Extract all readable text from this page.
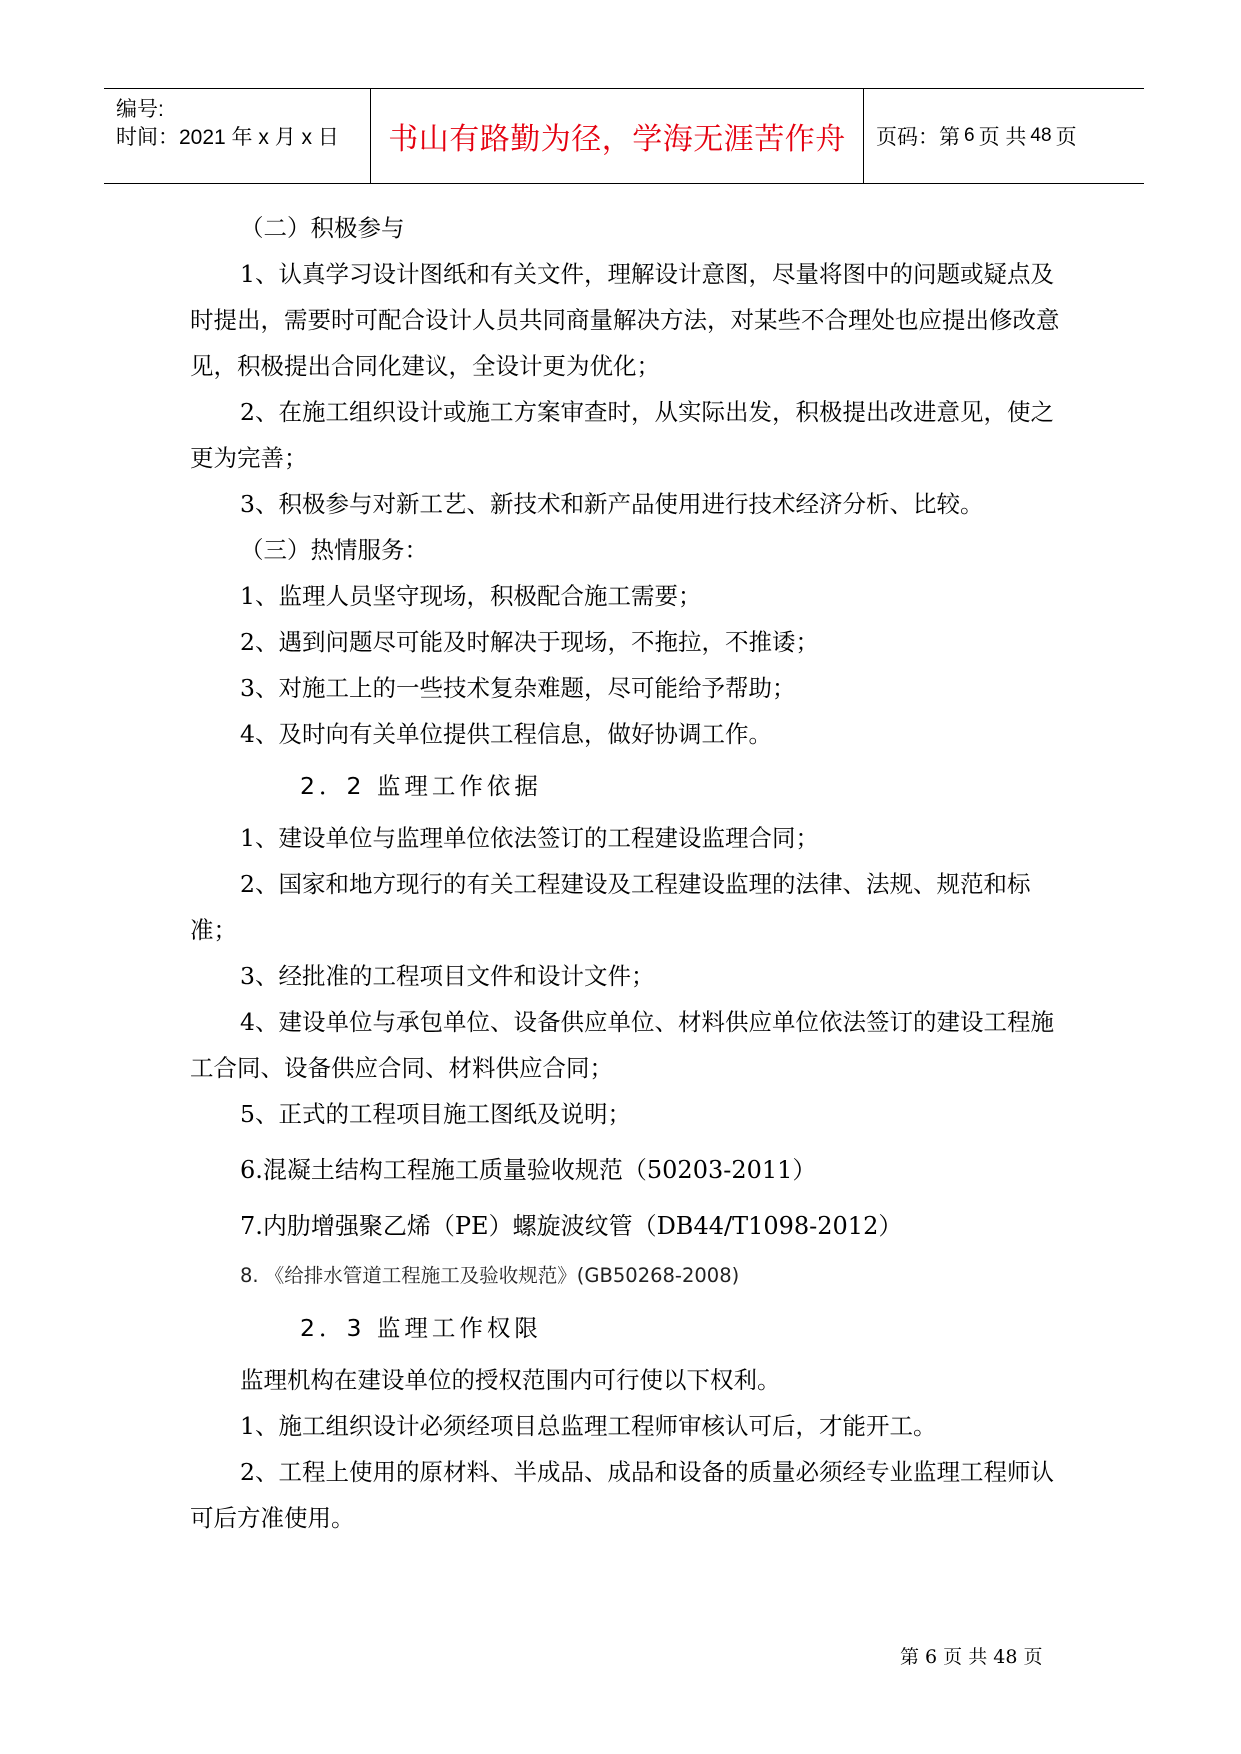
编号:
时间：2021 年 x 月 x 日	书山有路勤为径，学海无涯苦作舟	页码：第 6 页 共 48 页

（二）积极参与

1、认真学习设计图纸和有关文件，理解设计意图，尽量将图中的问题或疑点及时提出，需要时可配合设计人员共同商量解决方法，对某些不合理处也应提出修改意见，积极提出合同化建议，全设计更为优化；

2、在施工组织设计或施工方案审查时，从实际出发，积极提出改进意见，使之更为完善；

3、积极参与对新工艺、新技术和新产品使用进行技术经济分析、比较。

（三）热情服务：

1、监理人员坚守现场，积极配合施工需要；

2、遇到问题尽可能及时解决于现场，不拖拉，不推诿；

3、对施工上的一些技术复杂难题，尽可能给予帮助；

4、及时向有关单位提供工程信息，做好协调工作。

2．2 监理工作依据

1、建设单位与监理单位依法签订的工程建设监理合同；

2、国家和地方现行的有关工程建设及工程建设监理的法律、法规、规范和标准；

3、经批准的工程项目文件和设计文件；

4、建设单位与承包单位、设备供应单位、材料供应单位依法签订的建设工程施工合同、设备供应合同、材料供应合同；

5、正式的工程项目施工图纸及说明；

6.混凝土结构工程施工质量验收规范（50203-2011）

7.内肋增强聚乙烯（PE）螺旋波纹管（DB44/T1098-2012）

8. 《给排水管道工程施工及验收规范》(GB50268-2008)

2．3 监理工作权限

监理机构在建设单位的授权范围内可行使以下权利。

1、施工组织设计必须经项目总监理工程师审核认可后，才能开工。

2、工程上使用的原材料、半成品、成品和设备的质量必须经专业监理工程师认可后方准使用。

第 6 页 共 48 页
